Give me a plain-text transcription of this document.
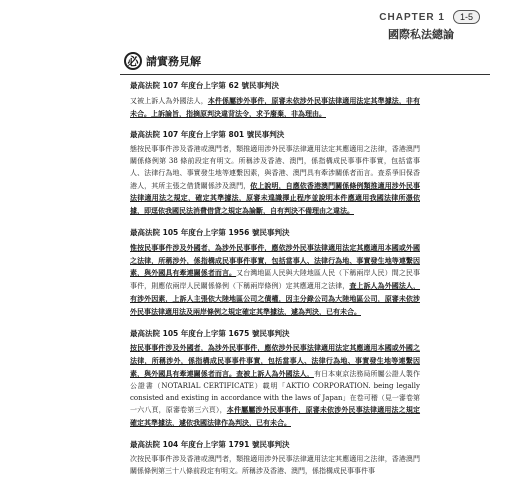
CHAPTER 1	1-5
國際私法總論
必 請實務見解
最高法院 107 年度台上字第 62 號民事判決
又被上訴人為外國法人，本件係屬涉外事件，原審未依涉外民事法律適用法定其準據法，非有未合。上訴論旨，指摘原判決違背法令，求予廢棄，非為理由。
最高法院 107 年度台上字第 801 號民事判決
態按民事事件涉及香港或澳門者，類推適用涉外民事法律適用法定其應適用之法律，香港澳門關係條例第 38 條前段定有明文。所稱涉及香港、澳門，係指構成民事事件事實，包括當事人、法律行為地、事實發生地等連繫因素，與香港、澳門具有牽涉關係者而言。查系爭旧保香港人，其所主張之借貸關係涉及澳門，依上說明，自應依香港澳門關係條例類推適用涉外民事法律適用法之規定，確定其準據法，原審未遑識擇止程序並說明本件應適用我國法律所憑依據，即逕依我國民法消費借貸之規定為論斷，自有判決不備理由之違法。
最高法院 105 年度台上字第 1956 號民事判決
惟按民事事件涉及外國者，為涉外民事事件，應依涉外民事法律適用法定其應適用本國或外國之法律，所稱涉外，係指構成民事事件事實，包括當事人、法律行為地、事實發生地等連繫因素，與外國具有牽連關係者而言。又台灣地區人民與大陸地區人民（下稱兩岸人民）間之民事事件，則應依兩岸人民關係條例（下稱兩岸條例）定其應適用之法律，查上訴人為外國法人，有涉外因素，上訴人主張依大陸地區公司之債權，因主分錄公司為大陸地區公司，原審未依涉外民事法律適用法及兩岸條例之規定確定其準據法，遽為判決，已有未合。
最高法院 105 年度台上字第 1675 號民事判決
按民事事件涉及外國者，為涉外民事事件，應依涉外民事法律適用法定其應適用本國或外國之法律，所稱涉外，係指構成民事事件事實，包括當事人、法律行為地、事實發生地等連繫因素，與外國具有牽連關係者而言。查被上訴人為外國法人，有日本東京法務局所屬公證人製作公證書（NOTARIAL CERTIFICATE）載明「AKTIO CORPORATION. being legally consisted and existing in accordance with the laws of Japan」在卷可稽（見一審卷第一六八頁，原審卷第三六頁），本件屬屬涉外民事事件，原審未依涉外民事法律適用法之規定確定其準據法，遽依我國法律作為判決，已有未合。
最高法院 104 年度台上字第 1791 號民事判決
次按民事事件涉及香港或澳門者，類推適用涉外民事法律適用法定其應適用之法律，香港澳門關係條例第三十八條前段定有明文。所稱涉及香港、澳門，係指構成民事事件事
